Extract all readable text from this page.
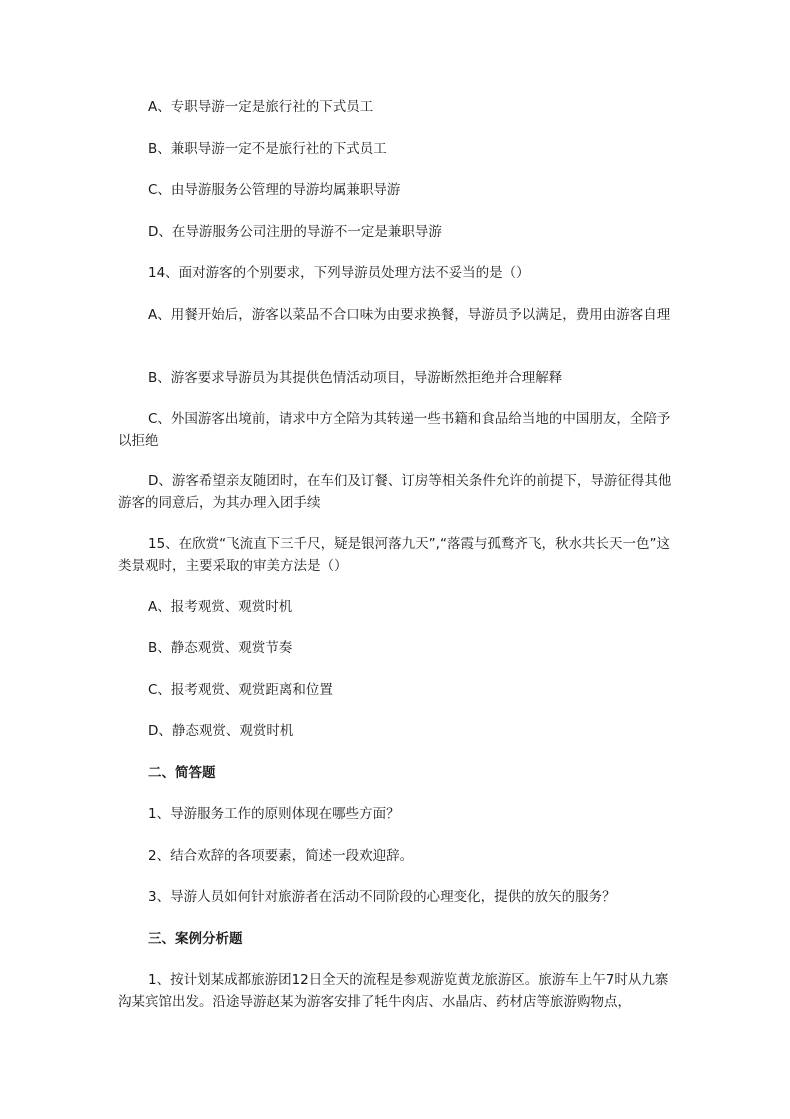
A、专职导游一定是旅行社的下式员工

B、兼职导游一定不是旅行社的下式员工

C、由导游服务公管理的导游均属兼职导游

D、在导游服务公司注册的导游不一定是兼职导游

14、面对游客的个别要求，下列导游员处理方法不妥当的是（）

A、用餐开始后，游客以菜品不合口味为由要求换餐，导游员予以满足，费用由游客自理

B、游客要求导游员为其提供色情活动项目，导游断然拒绝并合理解释

C、外国游客出境前，请求中方全陪为其转递一些书籍和食品给当地的中国朋友，全陪予以拒绝

D、游客希望亲友随团时，在车们及订餐、订房等相关条件允许的前提下，导游征得其他游客的同意后，为其办理入团手续

15、在欣赏“飞流直下三千尺，疑是银河落九天”,“落霞与孤鹜齐飞，秋水共长天一色”这类景观时，主要采取的审美方法是（）

A、报考观赏、观赏时机

B、静态观赏、观赏节奏

C、报考观赏、观赏距离和位置

D、静态观赏、观赏时机

二、简答题

1、导游服务工作的原则体现在哪些方面？

2、结合欢辞的各项要素，简述一段欢迎辞。

3、导游人员如何针对旅游者在活动不同阶段的心理变化，提供的放矢的服务？

三、案例分析题

1、按计划某成都旅游团12日全天的流程是参观游览黄龙旅游区。旅游车上午7时从九寨沟某宾馆出发。沿途导游赵某为游客安排了牦牛肉店、水晶店、药材店等旅游购物点，
